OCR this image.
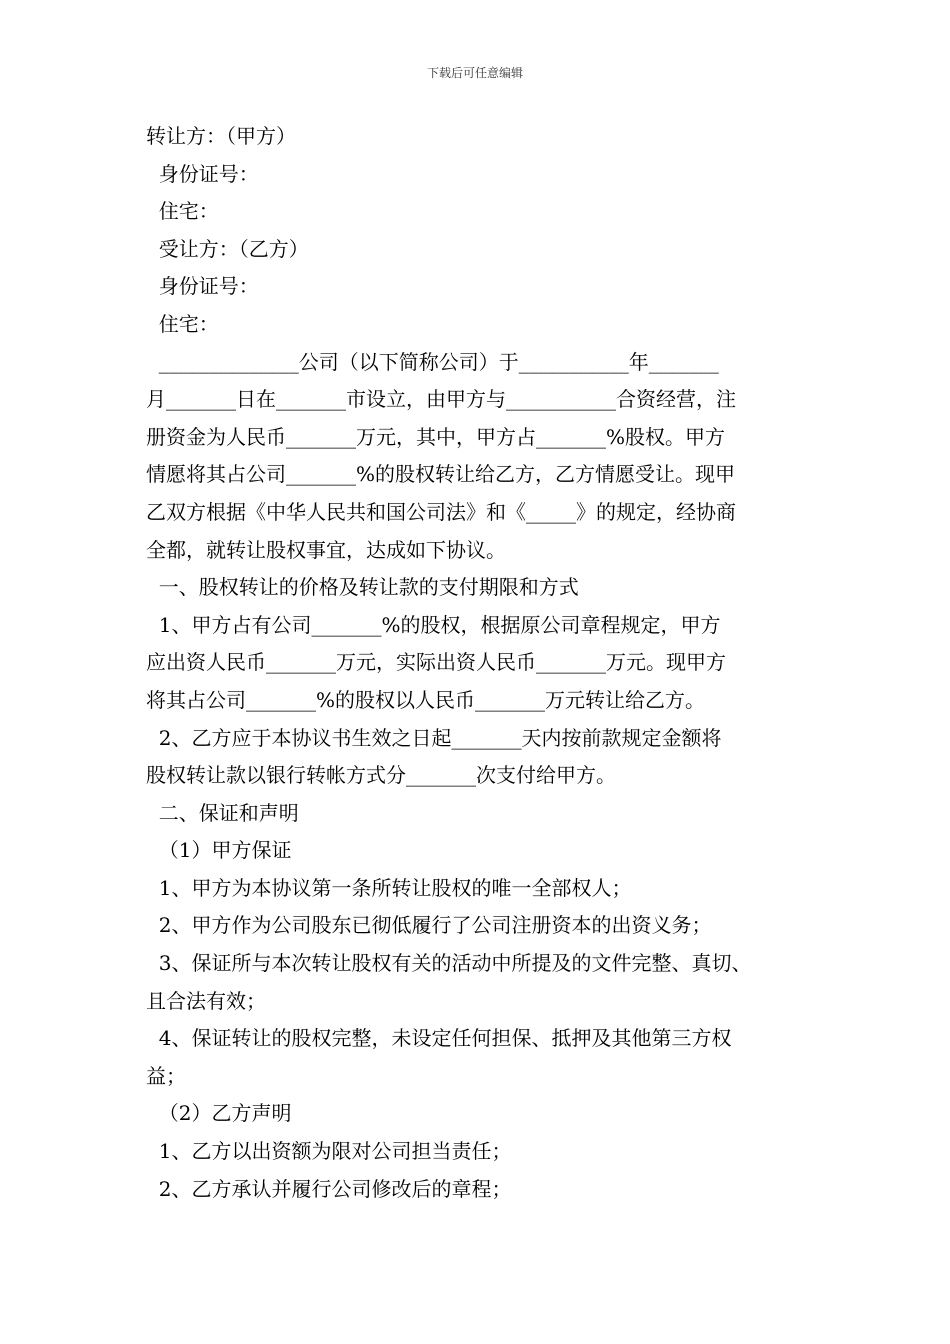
下载后可任意编辑
转让方：（甲方）
身份证号：
住宅：
受让方：（乙方）
身份证号：
住宅：
______________公司（以下简称公司）于___________年_______
月_______日在_______市设立，由甲方与___________合资经营，注
册资金为人民币_______万元，其中，甲方占_______%股权。甲方
情愿将其占公司_______%的股权转让给乙方，乙方情愿受让。现甲
乙双方根据《中华人民共和国公司法》和《_____》的规定，经协商
全都，就转让股权事宜，达成如下协议。
一、股权转让的价格及转让款的支付期限和方式
1、甲方占有公司_______%的股权，根据原公司章程规定，甲方
应出资人民币_______万元，实际出资人民币_______万元。现甲方
将其占公司_______%的股权以人民币_______万元转让给乙方。
2、乙方应于本协议书生效之日起_______天内按前款规定金额将
股权转让款以银行转帐方式分_______次支付给甲方。
二、保证和声明
（1）甲方保证
1、甲方为本协议第一条所转让股权的唯一全部权人；
2、甲方作为公司股东已彻低履行了公司注册资本的出资义务；
3、保证所与本次转让股权有关的活动中所提及的文件完整、真切、
且合法有效；
4、保证转让的股权完整，未设定任何担保、抵押及其他第三方权
益；
（2）乙方声明
1、乙方以出资额为限对公司担当责任；
2、乙方承认并履行公司修改后的章程；
